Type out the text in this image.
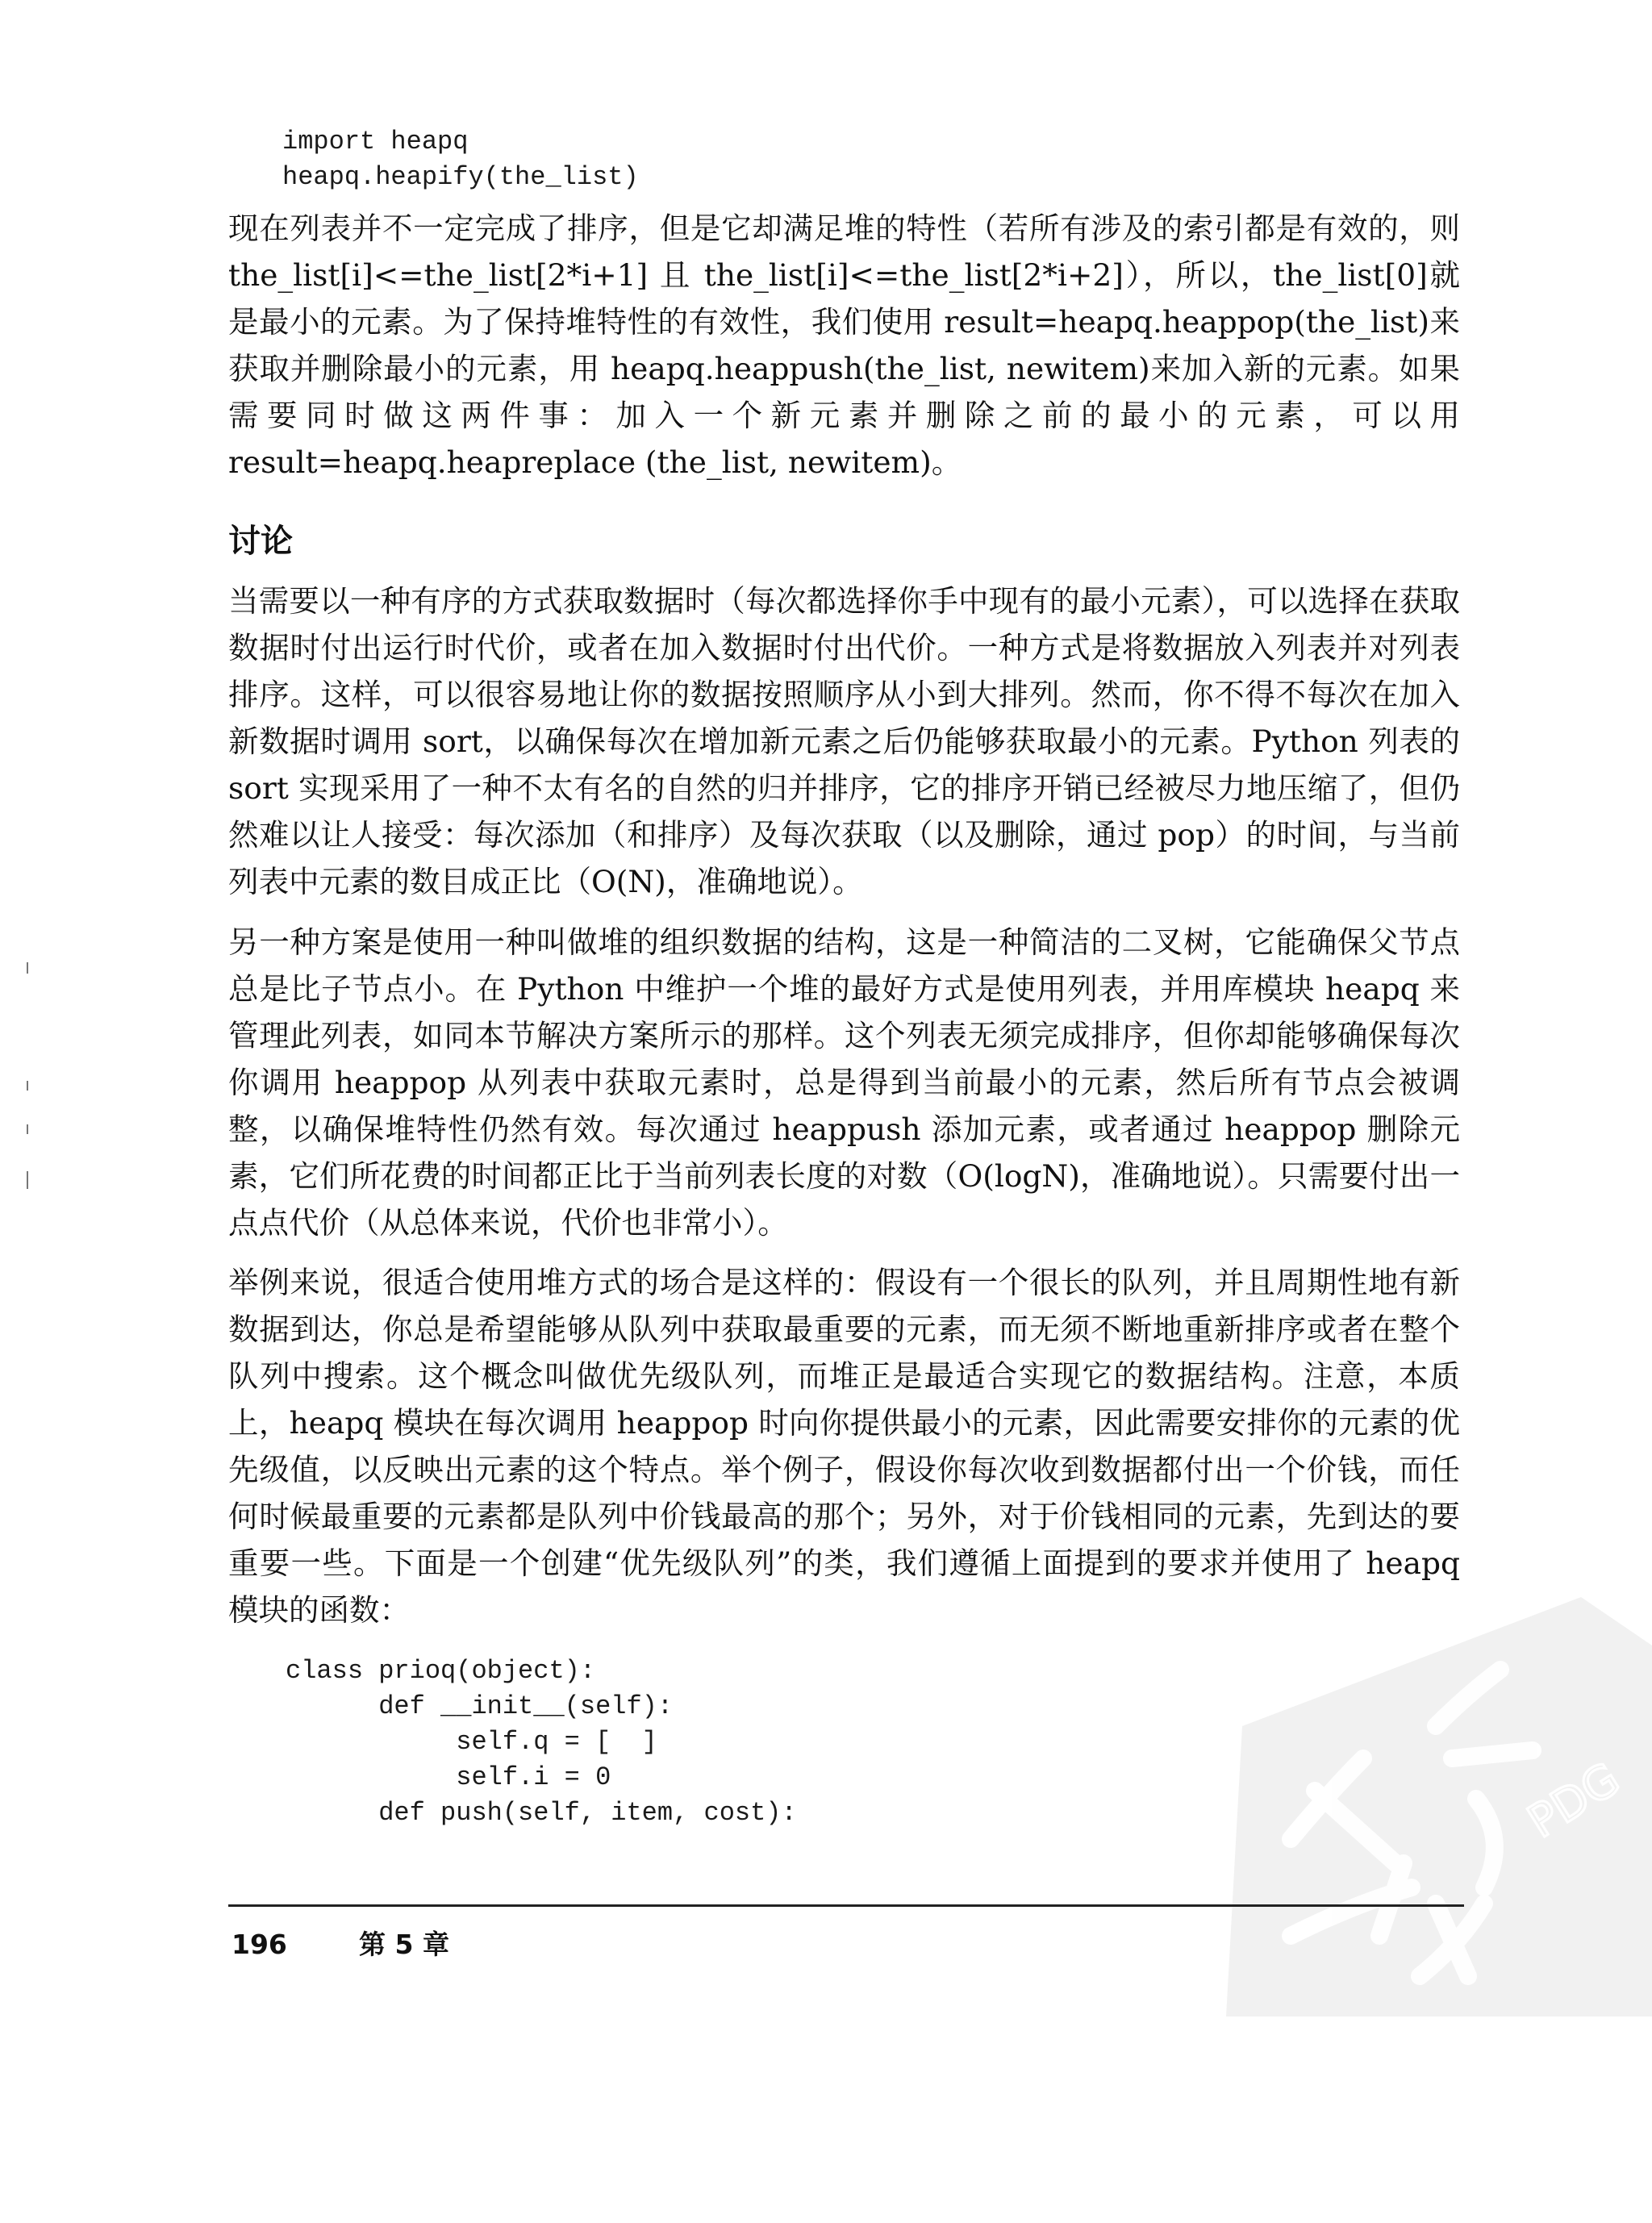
import heapq
heapq.heapify(the_list)

现在列表并不一定完成了排序，但是它却满足堆的特性（若所有涉及的索引都是有效的，则 the_list[i]<=the_list[2*i+1] 且 the_list[i]<=the_list[2*i+2]），所以，the_list[0]就是最小的元素。为了保持堆特性的有效性，我们使用 result=heapq.heappop(the_list)来获取并删除最小的元素，用 heapq.heappush(the_list, newitem)来加入新的元素。如果需要同时做这两件事：加入一个新元素并删除之前的最小的元素，可以用 result=heapq.heapreplace (the_list, newitem)。

讨论

当需要以一种有序的方式获取数据时（每次都选择你手中现有的最小元素），可以选择在获取数据时付出运行时代价，或者在加入数据时付出代价。一种方式是将数据放入列表并对列表排序。这样，可以很容易地让你的数据按照顺序从小到大排列。然而，你不得不每次在加入新数据时调用 sort，以确保每次在增加新元素之后仍能够获取最小的元素。Python 列表的 sort 实现采用了一种不太有名的自然的归并排序，它的排序开销已经被尽力地压缩了，但仍然难以让人接受：每次添加（和排序）及每次获取（以及删除，通过 pop）的时间，与当前列表中元素的数目成正比（O(N)，准确地说）。

另一种方案是使用一种叫做堆的组织数据的结构，这是一种简洁的二叉树，它能确保父节点总是比子节点小。在 Python 中维护一个堆的最好方式是使用列表，并用库模块 heapq 来管理此列表，如同本节解决方案所示的那样。这个列表无须完成排序，但你却能够确保每次你调用 heappop 从列表中获取元素时，总是得到当前最小的元素，然后所有节点会被调整，以确保堆特性仍然有效。每次通过 heappush 添加元素，或者通过 heappop 删除元素，它们所花费的时间都正比于当前列表长度的对数（O(logN)，准确地说）。只需要付出一点点代价（从总体来说，代价也非常小）。

举例来说，很适合使用堆方式的场合是这样的：假设有一个很长的队列，并且周期性地有新数据到达，你总是希望能够从队列中获取最重要的元素，而无须不断地重新排序或者在整个队列中搜索。这个概念叫做优先级队列，而堆正是最适合实现它的数据结构。注意，本质上，heapq 模块在每次调用 heappop 时向你提供最小的元素，因此需要安排你的元素的优先级值，以反映出元素的这个特点。举个例子，假设你每次收到数据都付出一个价钱，而任何时候最重要的元素都是队列中价钱最高的那个；另外，对于价钱相同的元素，先到达的要重要一些。下面是一个创建“优先级队列”的类，我们遵循上面提到的要求并使用了 heapq 模块的函数：

class prioq(object):
def __init__(self):
self.q = [  ]
self.i = 0
def push(self, item, cost):	PDG
196	第 5 章
